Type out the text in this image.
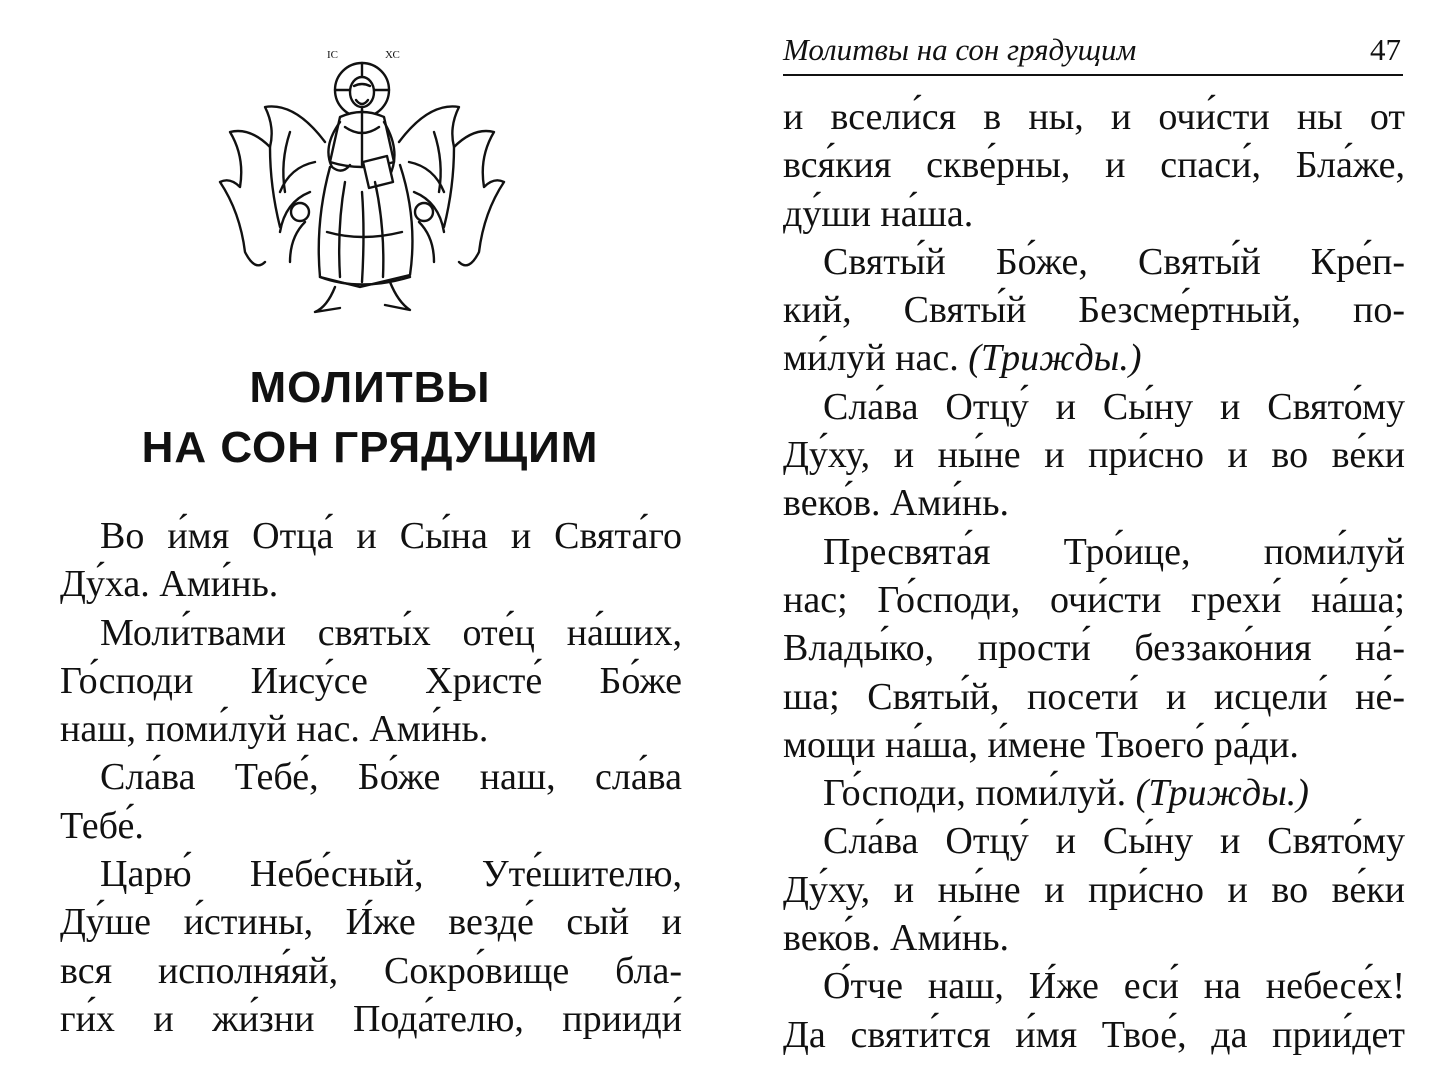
ІС	ХС
МОЛИТВЫ
НА СОН ГРЯДУЩИМ
Во и́мя Отца́ и Сы́на и Свята́го
Ду́ха. Ами́нь.
Моли́твами святы́х оте́ц на́ших,
Го́споди Иису́се Христе́ Бо́же
наш, поми́луй нас. Ами́нь.
Сла́ва Тебе́, Бо́же наш, сла́ва
Тебе́.
Царю́ Небе́сный, Уте́шителю,
Ду́ше и́стины, И́же везде́ сый и
вся исполня́яй, Сокро́вище бла-
ги́х и жи́зни Пода́телю, прииди́
Молитвы на сон грядущим	47
и всели́ся в ны, и очи́сти ны от
вся́кия скве́рны, и спаси́, Бла́же,
ду́ши на́ша.
Святы́й Бо́же, Святы́й Кре́п-
кий, Святы́й Безсме́ртный, по-
ми́луй нас. (Трижды.)
Сла́ва Отцу́ и Сы́ну и Свято́му
Ду́ху, и ны́не и при́сно и во ве́ки
веко́в. Ами́нь.
Пресвята́я Тро́ице, поми́луй
нас; Го́споди, очи́сти грехи́ на́ша;
Влады́ко, прости́ беззако́ния на́-
ша; Святы́й, посети́ и исцели́ не́-
мощи на́ша, и́мене Твоего́ ра́ди.
Го́споди, поми́луй. (Трижды.)
Сла́ва Отцу́ и Сы́ну и Свято́му
Ду́ху, и ны́не и при́сно и во ве́ки
веко́в. Ами́нь.
О́тче наш, И́же еси́ на небесе́х!
Да святи́тся и́мя Твое́, да прии́дет
